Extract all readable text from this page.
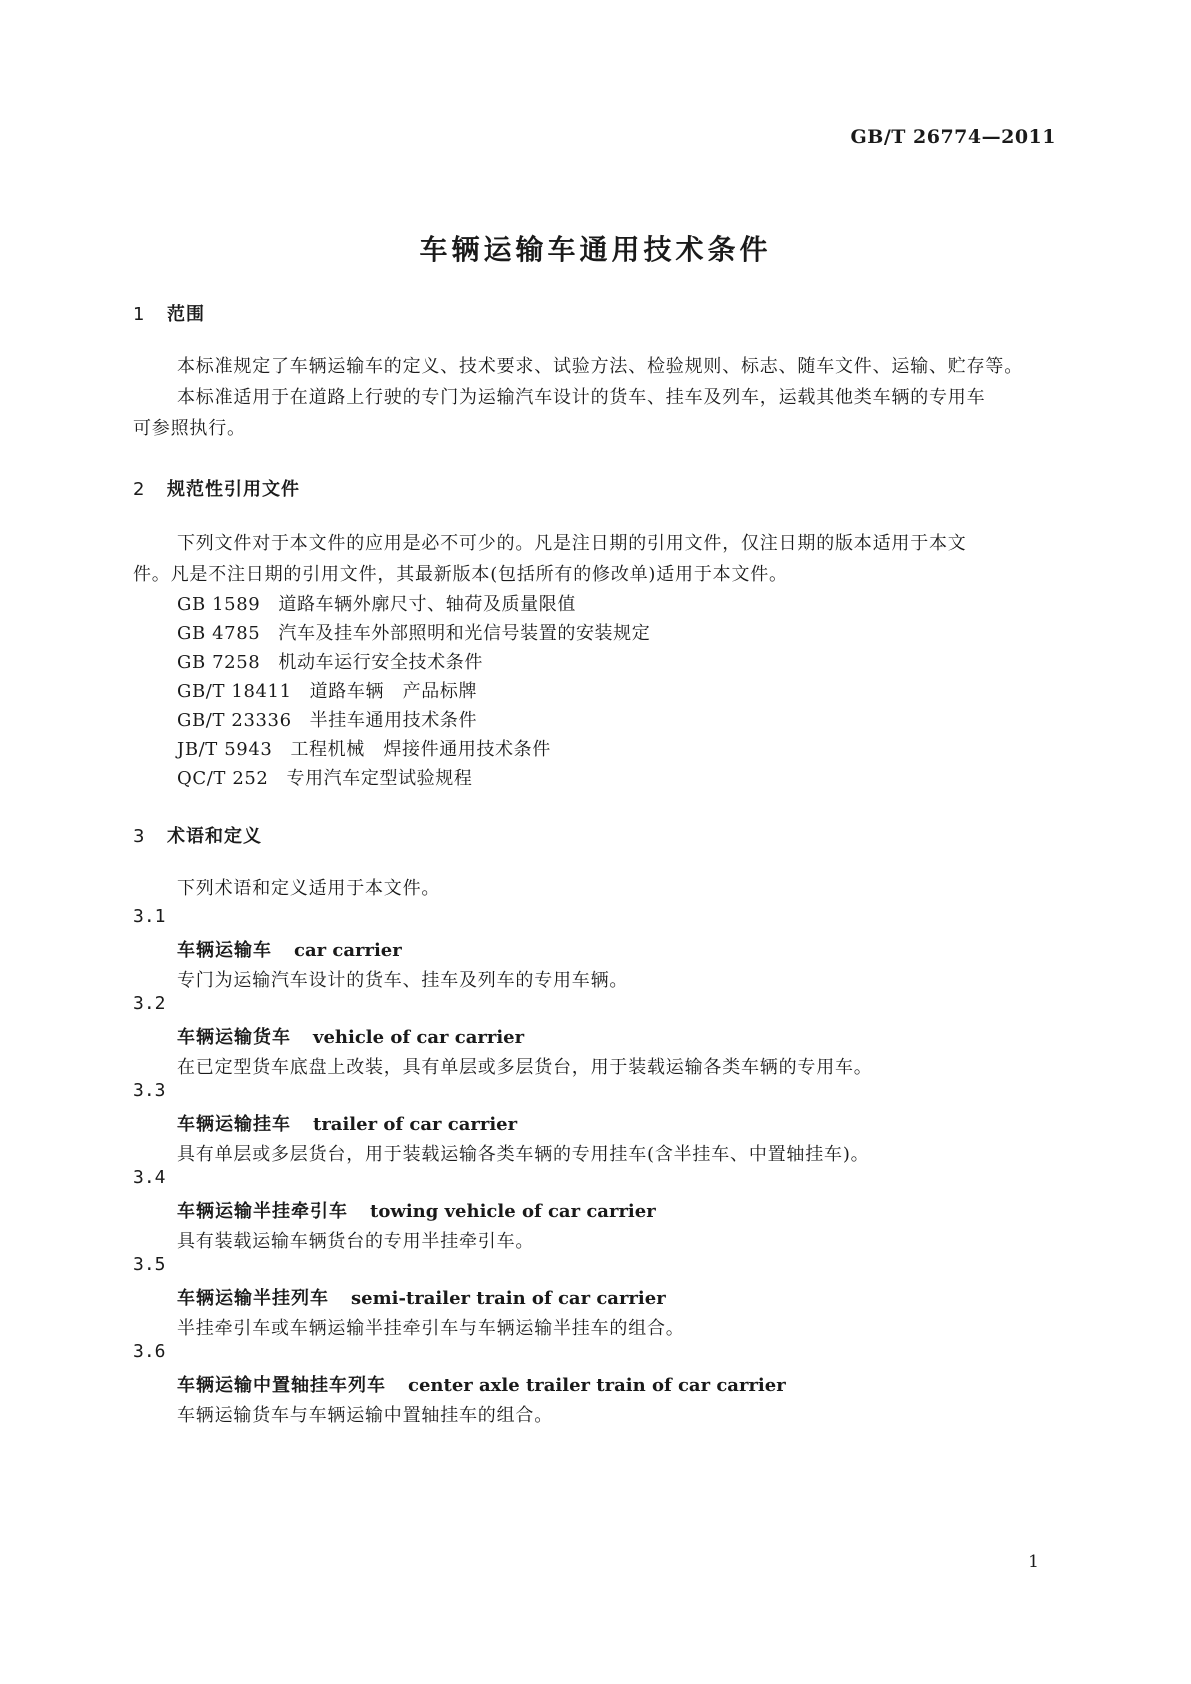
GB/T 26774—2011
车辆运输车通用技术条件
1 范围
本标准规定了车辆运输车的定义、技术要求、试验方法、检验规则、标志、随车文件、运输、贮存等。
本标准适用于在道路上行驶的专门为运输汽车设计的货车、挂车及列车，运载其他类车辆的专用车
可参照执行。
2 规范性引用文件
下列文件对于本文件的应用是必不可少的。凡是注日期的引用文件，仅注日期的版本适用于本文
件。凡是不注日期的引用文件，其最新版本(包括所有的修改单)适用于本文件。
GB 1589 道路车辆外廓尺寸、轴荷及质量限值
GB 4785 汽车及挂车外部照明和光信号装置的安装规定
GB 7258 机动车运行安全技术条件
GB/T 18411 道路车辆　产品标牌
GB/T 23336 半挂车通用技术条件
JB/T 5943 工程机械　焊接件通用技术条件
QC/T 252 专用汽车定型试验规程
3 术语和定义
下列术语和定义适用于本文件。
3.1
车辆运输车 car carrier
专门为运输汽车设计的货车、挂车及列车的专用车辆。
3.2
车辆运输货车 vehicle of car carrier
在已定型货车底盘上改装，具有单层或多层货台，用于装载运输各类车辆的专用车。
3.3
车辆运输挂车 trailer of car carrier
具有单层或多层货台，用于装载运输各类车辆的专用挂车(含半挂车、中置轴挂车)。
3.4
车辆运输半挂牵引车 towing vehicle of car carrier
具有装载运输车辆货台的专用半挂牵引车。
3.5
车辆运输半挂列车 semi-trailer train of car carrier
半挂牵引车或车辆运输半挂牵引车与车辆运输半挂车的组合。
3.6
车辆运输中置轴挂车列车 center axle trailer train of car carrier
车辆运输货车与车辆运输中置轴挂车的组合。
1
